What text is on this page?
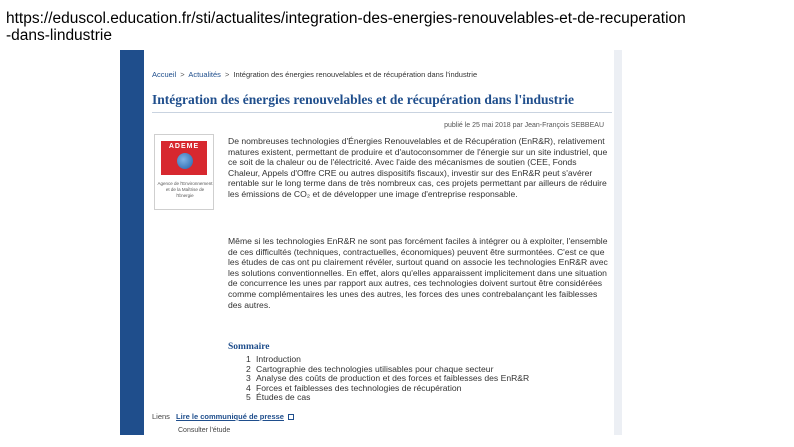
https://eduscol.education.fr/sti/actualites/integration-des-energies-renouvelables-et-de-recuperation
-dans-lindustrie
Accueil > Actualités > Intégration des énergies renouvelables et de récupération dans l'industrie
Intégration des énergies renouvelables et de récupération dans l'industrie
publié le 25 mai 2018 par Jean-François SEBBEAU
ADEME
Agence de l'Environnement et de la Maîtrise de l'Énergie

De nombreuses technologies d'Énergies Renouvelables et de Récupération (EnR&R), relativement matures existent, permettant de produire et d'autoconsommer de l'énergie sur un site industriel, que ce soit de la chaleur ou de l'électricité. Avec l'aide des mécanismes de soutien (CEE, Fonds Chaleur, Appels d'Offre CRE ou autres dispositifs fiscaux), investir sur des EnR&R peut s'avérer rentable sur le long terme dans de très nombreux cas, ces projets permettant par ailleurs de réduire les émissions de CO₂ et de développer une image d'entreprise responsable.

Même si les technologies EnR&R ne sont pas forcément faciles à intégrer ou à exploiter, l'ensemble de ces difficultés (techniques, contractuelles, économiques) peuvent être surmontées. C'est ce que les études de cas ont pu clairement révéler, surtout quand on associe les technologies EnR&R avec les solutions conventionnelles. En effet, alors qu'elles apparaissent implicitement dans une situation de concurrence les unes par rapport aux autres, ces technologies doivent surtout être considérées comme complémentaires les unes des autres, les forces des unes contrebalançant les faiblesses des autres.

Sommaire
1 Introduction
2 Cartographie des technologies utilisables pour chaque secteur
3 Analyse des coûts de production et des forces et faiblesses des EnR&R
4 Forces et faiblesses des technologies de récupération
5 Études de cas
Liens Lire le communiqué de presse
Consulter l'étude
